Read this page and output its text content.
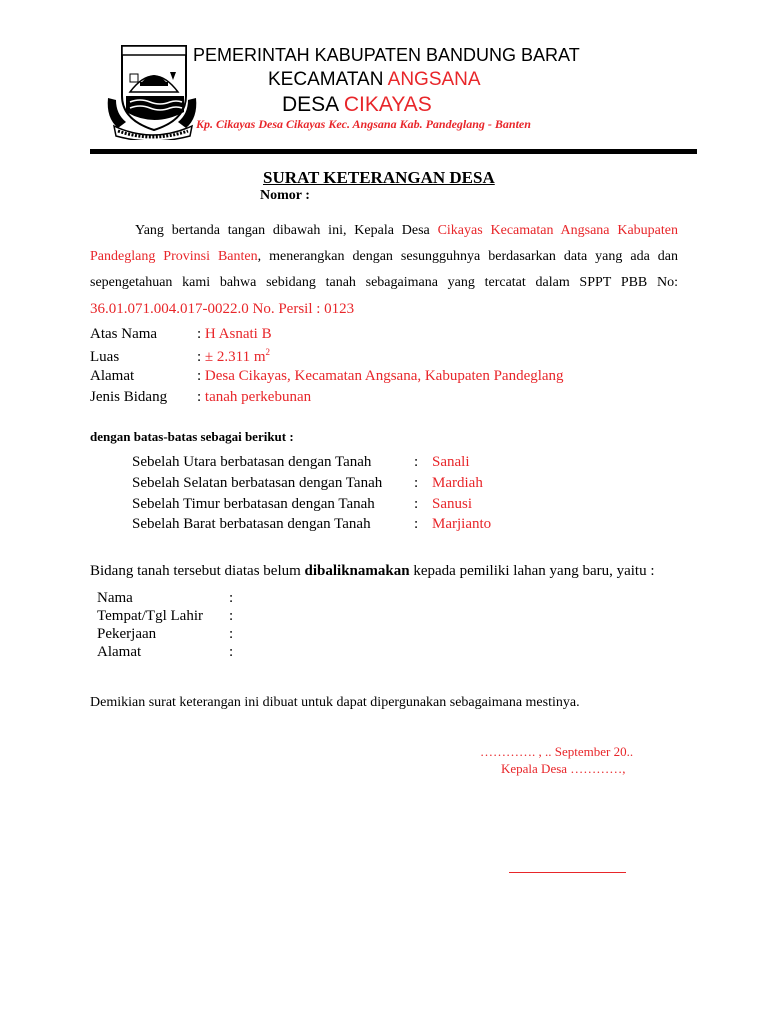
PEMERINTAH KABUPATEN BANDUNG BARAT
KECAMATAN ANGSANA
DESA CIKAYAS
Kp. Cikayas Desa Cikayas Kec. Angsana Kab. Pandeglang - Banten
SURAT KETERANGAN DESA
Nomor :

Yang bertanda tangan dibawah ini, Kepala Desa Cikayas Kecamatan Angsana Kabupaten Pandeglang Provinsi Banten, menerangkan dengan sesungguhnya berdasarkan data yang ada dan sepengetahuan kami bahwa sebidang tanah sebagaimana yang tercatat dalam SPPT PBB No: 36.01.071.004.017-0022.0 No. Persil : 0123

Atas Nama	: H Asnati B
Luas	: ± 2.311 $m^2$
Alamat	: Desa Cikayas, Kecamatan Angsana, Kabupaten Pandeglang
Jenis Bidang : tanah perkebunan
dengan batas-batas sebagai berikut :
Sebelah Utara berbatasan dengan Tanah	: Sanali
Sebelah Selatan berbatasan dengan Tanah : Mardiah
Sebelah Timur berbatasan dengan Tanah	: Sanusi
Sebelah Barat berbatasan dengan Tanah	: Marjianto
Bidang tanah tersebut diatas belum dibaliknamakan kepada pemiliki lahan yang baru, yaitu :
Nama	:
Tempat/Tgl Lahir :
Pekerjaan	:
Alamat	:
Demikian surat keterangan ini dibuat untuk dapat dipergunakan sebagaimana mestinya.
…………. , .. September 20..
Kepala Desa …………,
